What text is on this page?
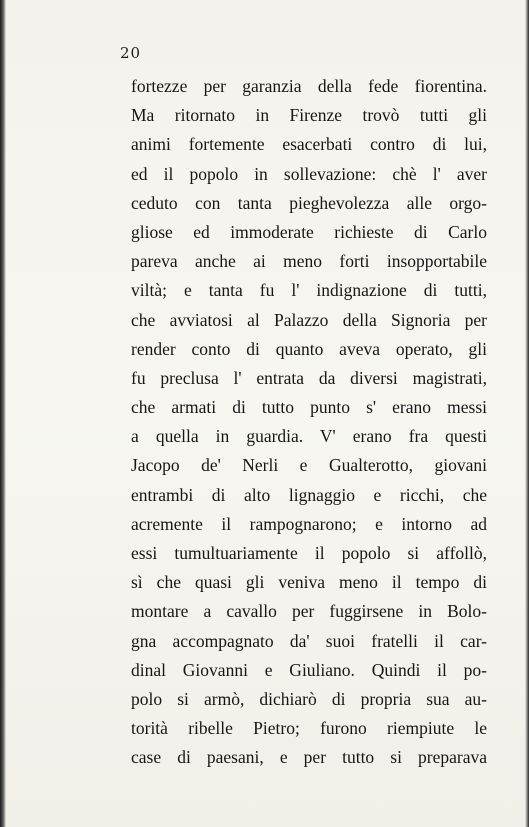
20
fortezze per garanzia della fede fiorentina.
Ma ritornato in Firenze trovò tutti gli
animi fortemente esacerbati contro di lui,
ed il popolo in sollevazione: chè l' aver
ceduto con tanta pieghevolezza alle orgo-
gliose ed immoderate richieste di Carlo
pareva anche ai meno forti insopportabile
viltà; e tanta fu l' indignazione di tutti,
che avviatosi al Palazzo della Signoria per
render conto di quanto aveva operato, gli
fu preclusa l' entrata da diversi magistrati,
che armati di tutto punto s' erano messi
a quella in guardia. V' erano fra questi
Jacopo de' Nerli e Gualterotto, giovani
entrambi di alto lignaggio e ricchi, che
acremente il rampognarono; e intorno ad
essi tumultuariamente il popolo si affollò,
sì che quasi gli veniva meno il tempo di
montare a cavallo per fuggirsene in Bolo-
gna accompagnato da' suoi fratelli il car-
dinal Giovanni e Giuliano. Quindi il po-
polo si armò, dichiarò di propria sua au-
torità ribelle Pietro; furono riempiute le
case di paesani, e per tutto si preparava
